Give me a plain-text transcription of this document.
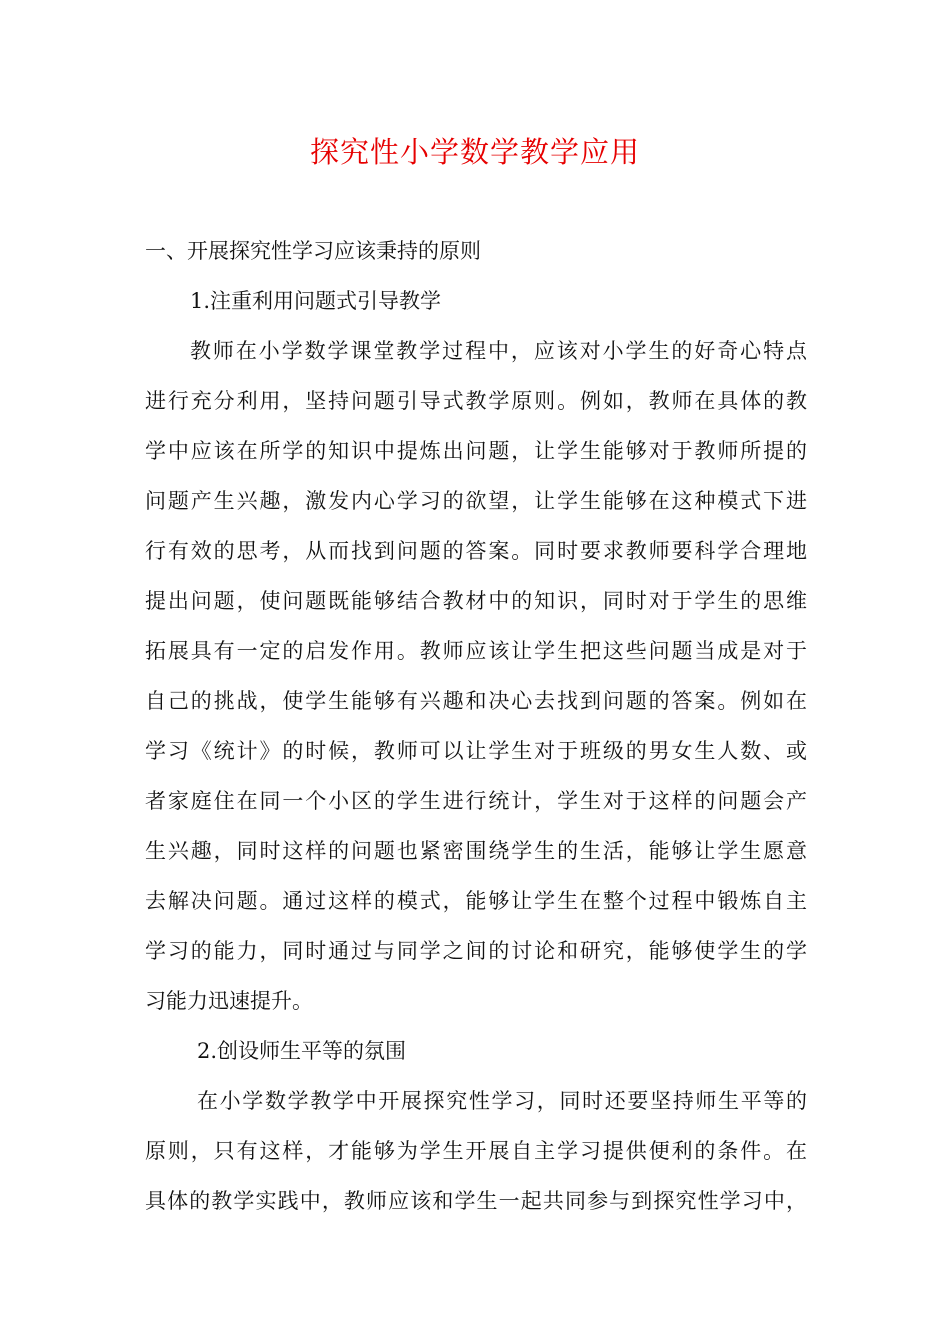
探究性小学数学教学应用
一、开展探究性学习应该秉持的原则
1.注重利用问题式引导教学
教师在小学数学课堂教学过程中，应该对小学生的好奇心特点
进行充分利用，坚持问题引导式教学原则。例如，教师在具体的教
学中应该在所学的知识中提炼出问题，让学生能够对于教师所提的
问题产生兴趣，激发内心学习的欲望，让学生能够在这种模式下进
行有效的思考，从而找到问题的答案。同时要求教师要科学合理地
提出问题，使问题既能够结合教材中的知识，同时对于学生的思维
拓展具有一定的启发作用。教师应该让学生把这些问题当成是对于
自己的挑战，使学生能够有兴趣和决心去找到问题的答案。例如在
学习《统计》的时候，教师可以让学生对于班级的男女生人数、或
者家庭住在同一个小区的学生进行统计，学生对于这样的问题会产
生兴趣，同时这样的问题也紧密围绕学生的生活，能够让学生愿意
去解决问题。通过这样的模式，能够让学生在整个过程中锻炼自主
学习的能力，同时通过与同学之间的讨论和研究，能够使学生的学
习能力迅速提升。
2.创设师生平等的氛围
在小学数学教学中开展探究性学习，同时还要坚持师生平等的
原则，只有这样，才能够为学生开展自主学习提供便利的条件。在
具体的教学实践中，教师应该和学生一起共同参与到探究性学习中，
